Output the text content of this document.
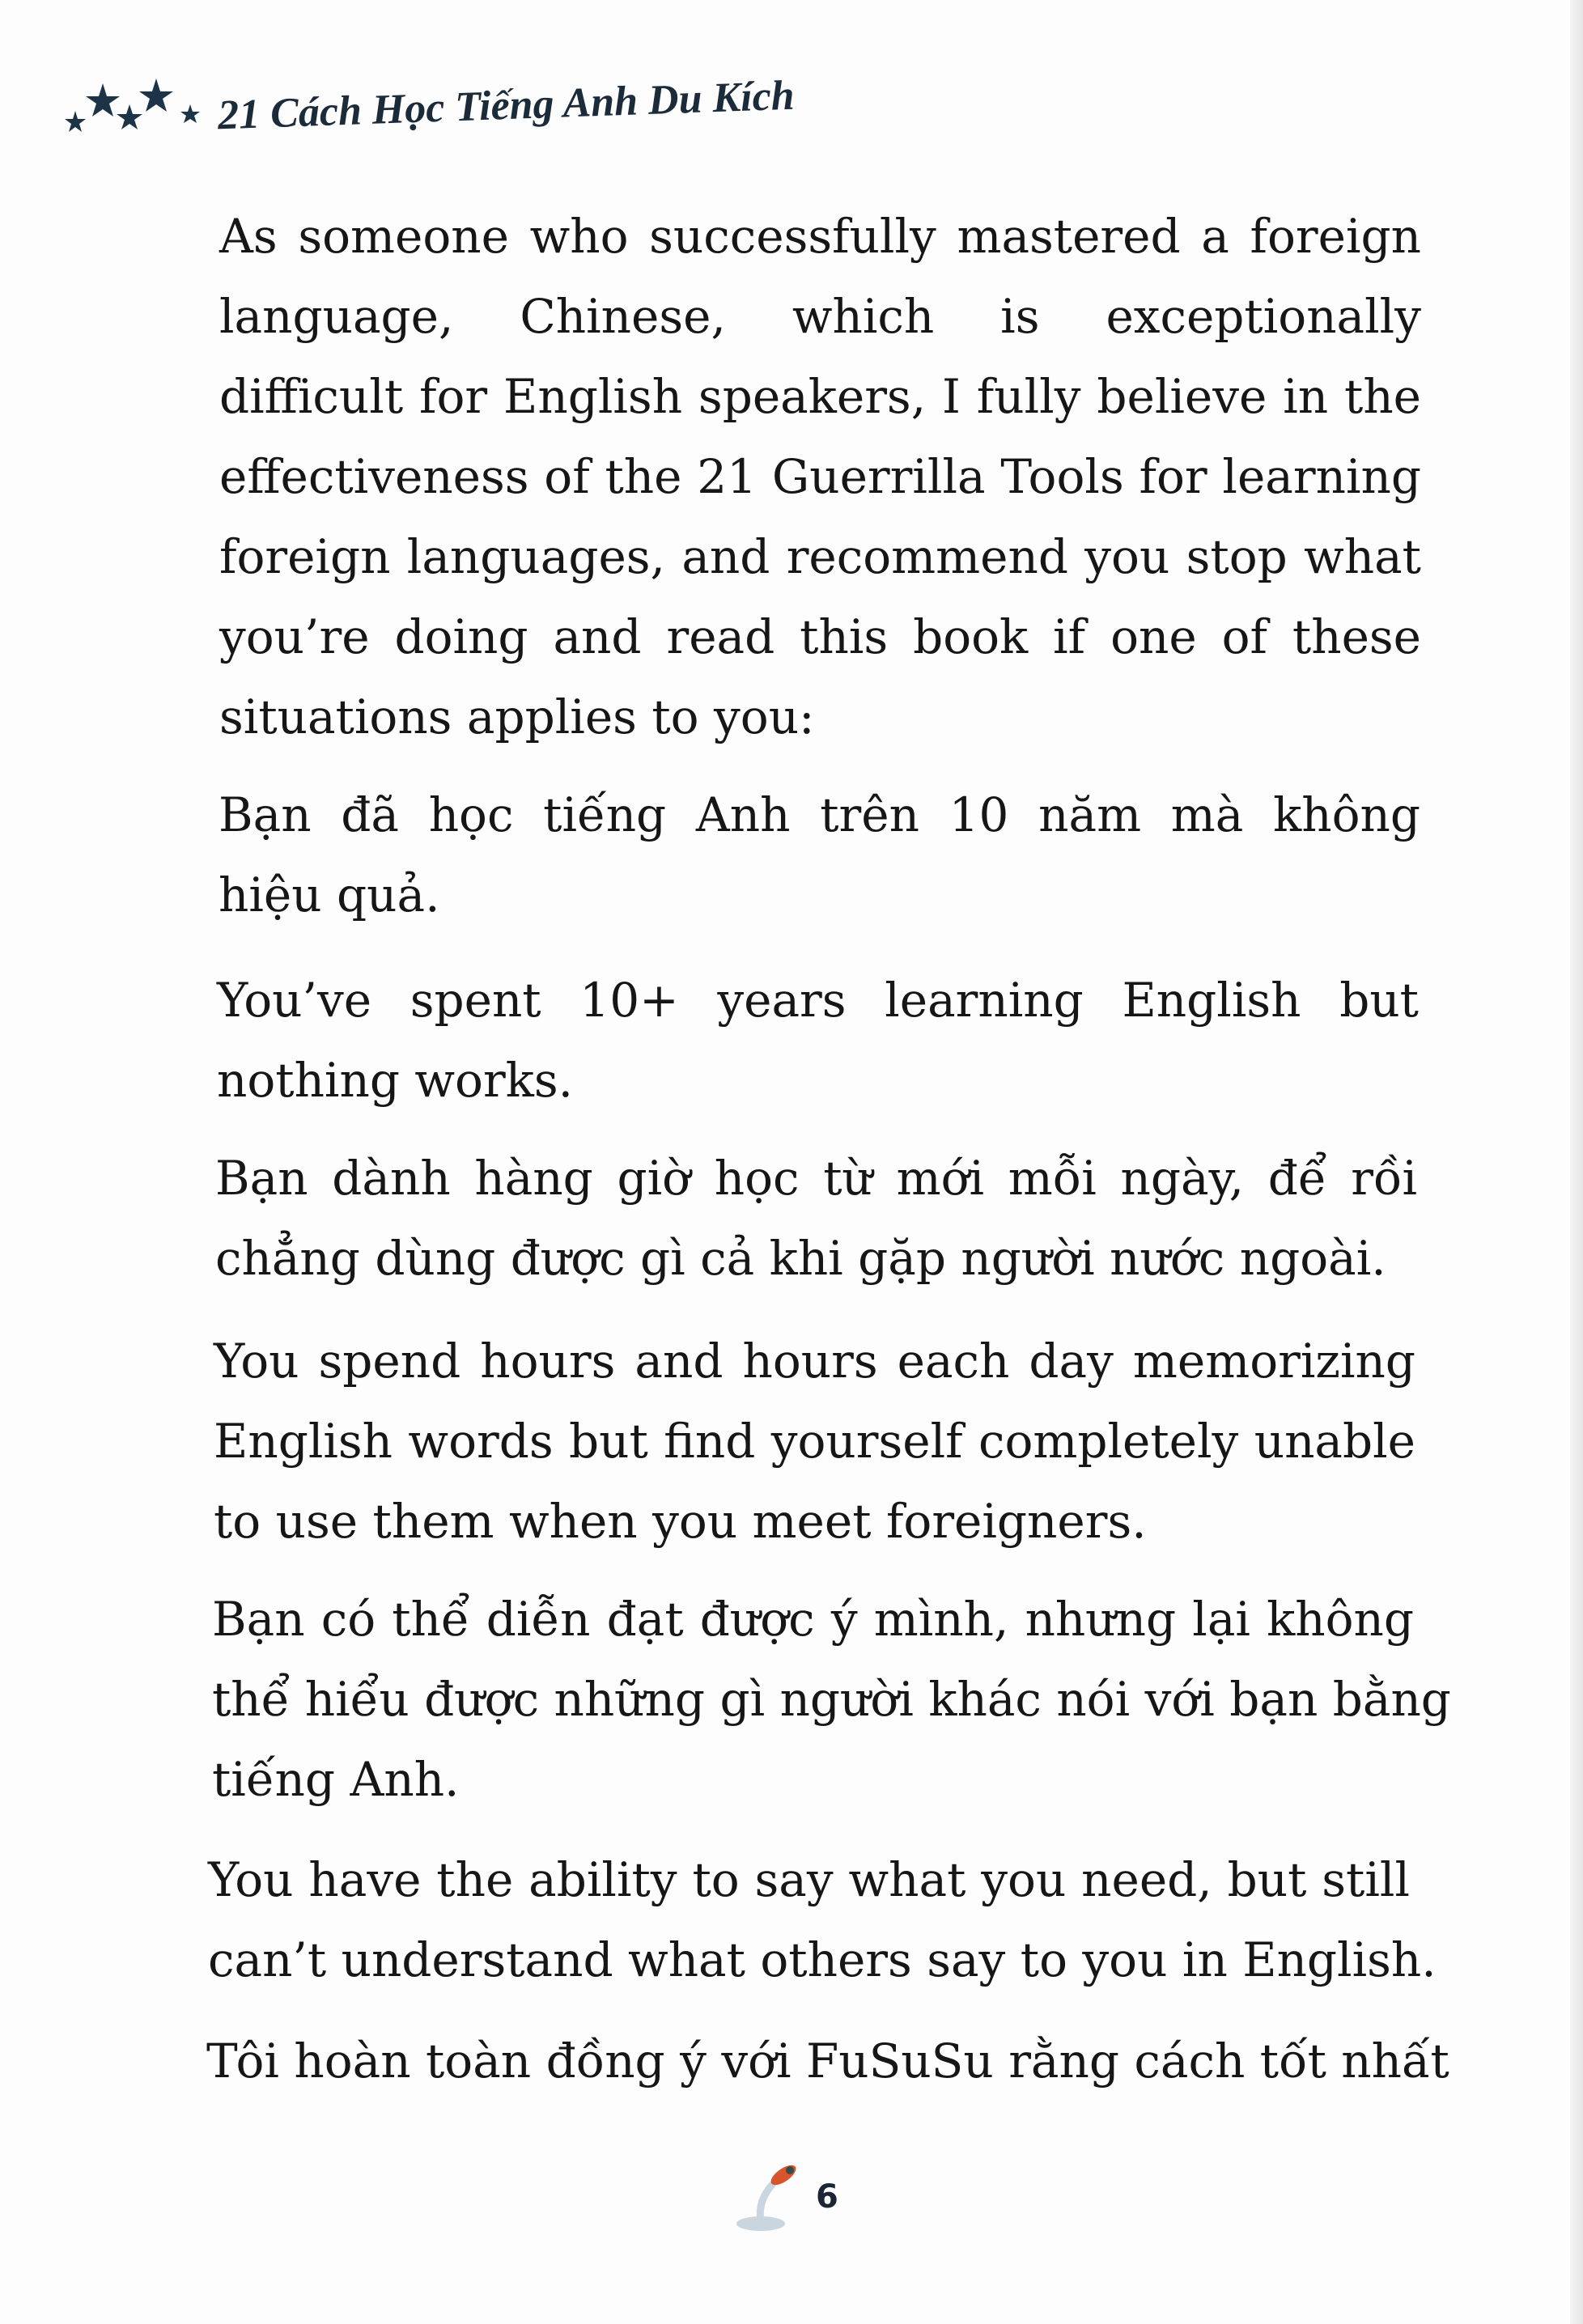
21 Cách Học Tiếng Anh Du Kích
As someone who successfully mastered a foreign
language, Chinese, which is exceptionally
difficult for English speakers, I fully believe in the
effectiveness of the 21 Guerrilla Tools for learning
foreign languages, and recommend you stop what
you’re doing and read this book if one of these
situations applies to you:
Bạn đã học tiếng Anh trên 10 năm mà không
hiệu quả.
You’ve spent 10+ years learning English but
nothing works.
Bạn dành hàng giờ học từ mới mỗi ngày, để rồi
chẳng dùng được gì cả khi gặp người nước ngoài.
You spend hours and hours each day memorizing
English words but find yourself completely unable
to use them when you meet foreigners.
Bạn có thể diễn đạt được ý mình, nhưng lại không
thể hiểu được những gì người khác nói với bạn bằng
tiếng Anh.
You have the ability to say what you need, but still
can’t understand what others say to you in English.
Tôi hoàn toàn đồng ý với FuSuSu rằng cách tốt nhất
6
